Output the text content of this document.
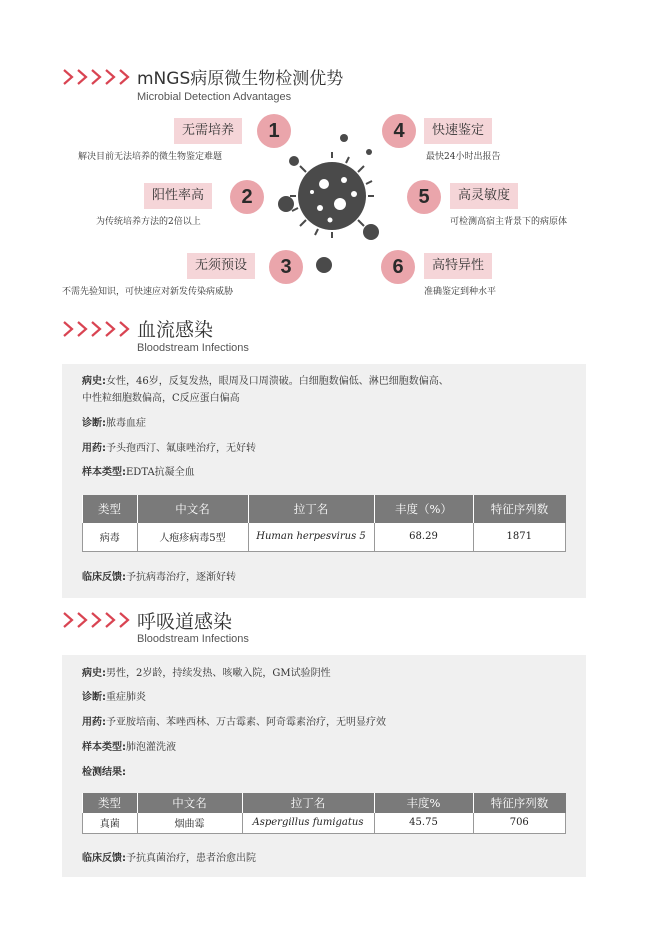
mNGS病原微生物检测优势
Microbial Detection Advantages
无需培养	1
解决目前无法培养的微生物鉴定难题
阳性率高	2
为传统培养方法的2倍以上
无须预设	3
不需先验知识，可快速应对新发传染病威胁
4	快速鉴定
最快24小时出报告
5	高灵敏度
可检测高宿主背景下的病原体
6	高特异性
准确鉴定到种水平
血流感染
Bloodstream Infections
病史:女性，46岁，反复发热，眼周及口周溃破。白细胞数偏低、淋巴细胞数偏高、
中性粒细胞数偏高，C反应蛋白偏高
诊断:脓毒血症
用药:予头孢西汀、氟康唑治疗，无好转
样本类型:EDTA抗凝全血
类型	中文名	拉丁名	丰度（%）	特征序列数
病毒	人疱疹病毒5型	Human herpesvirus 5	68.29	1871
临床反馈:予抗病毒治疗，逐渐好转
呼吸道感染
Bloodstream Infections
病史:男性，2岁龄，持续发热、咳嗽入院，GM试验阴性
诊断:重症肺炎
用药:予亚胺培南、苯唑西林、万古霉素、阿奇霉素治疗，无明显疗效
样本类型:肺泡灌洗液
检测结果:
类型	中文名	拉丁名	丰度%	特征序列数
真菌	烟曲霉	Aspergillus fumigatus	45.75	706
临床反馈:予抗真菌治疗，患者治愈出院
